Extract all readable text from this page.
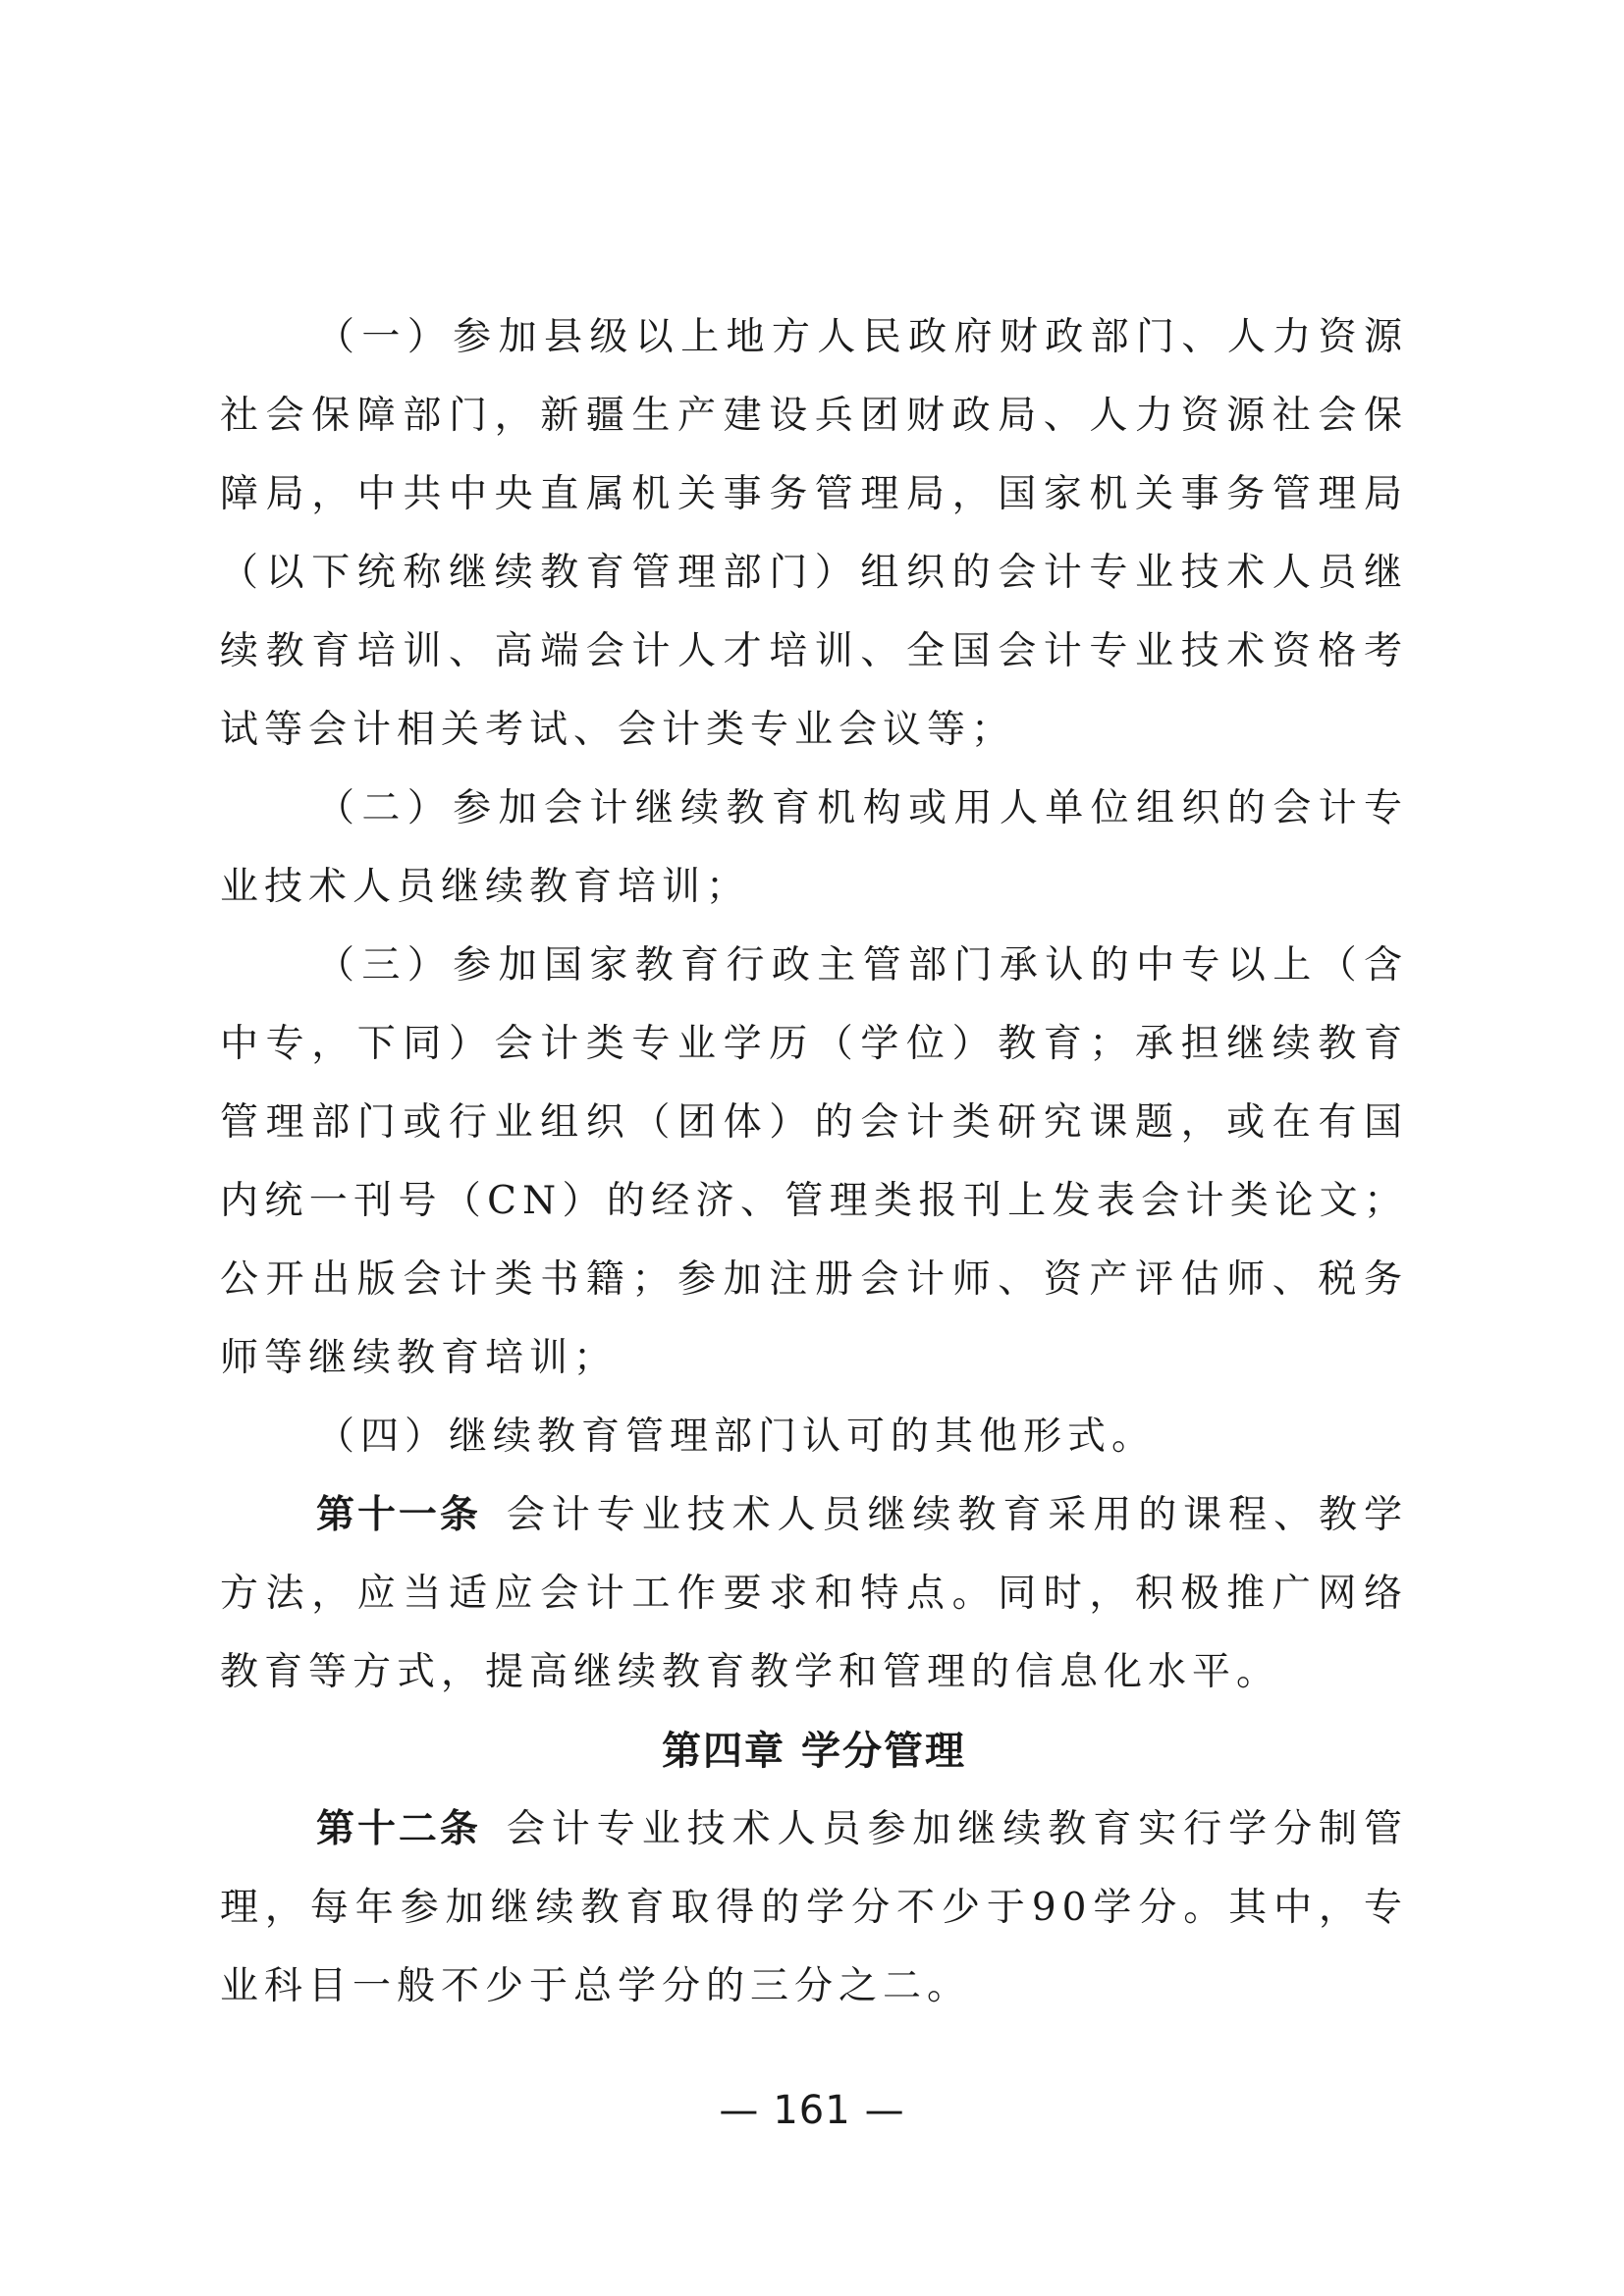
（一）参加县级以上地方人民政府财政部门、人力资源社会保障部门，新疆生产建设兵团财政局、人力资源社会保障局，中共中央直属机关事务管理局，国家机关事务管理局（以下统称继续教育管理部门）组织的会计专业技术人员继续教育培训、高端会计人才培训、全国会计专业技术资格考试等会计相关考试、会计类专业会议等；

（二）参加会计继续教育机构或用人单位组织的会计专业技术人员继续教育培训；

（三）参加国家教育行政主管部门承认的中专以上（含中专，下同）会计类专业学历（学位）教育；承担继续教育管理部门或行业组织（团体）的会计类研究课题，或在有国内统一刊号（CN）的经济、管理类报刊上发表会计类论文；公开出版会计类书籍；参加注册会计师、资产评估师、税务师等继续教育培训；

（四）继续教育管理部门认可的其他形式。

第十一条 会计专业技术人员继续教育采用的课程、教学方法，应当适应会计工作要求和特点。同时，积极推广网络教育等方式，提高继续教育教学和管理的信息化水平。

第四章 学分管理

第十二条 会计专业技术人员参加继续教育实行学分制管理，每年参加继续教育取得的学分不少于90学分。其中，专业科目一般不少于总学分的三分之二。

— 161 —
